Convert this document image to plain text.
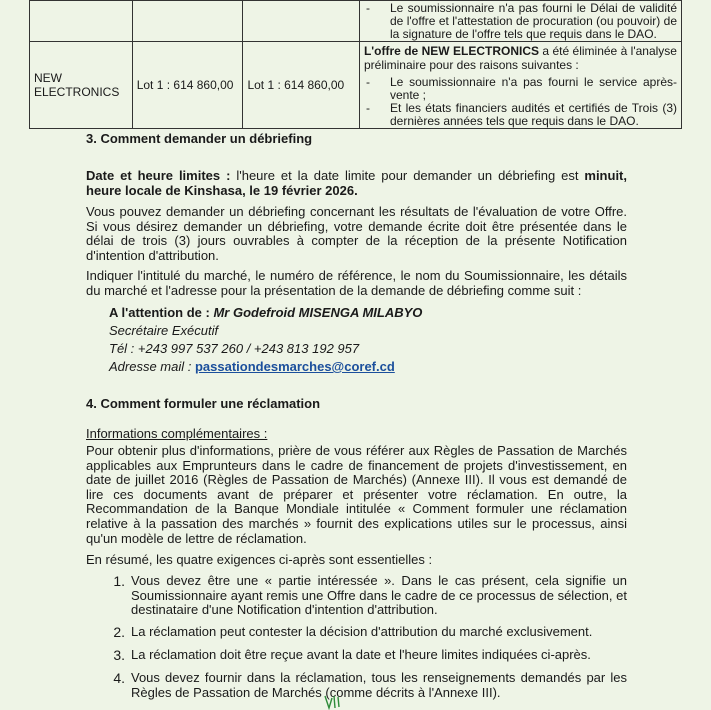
			- Le soumissionnaire n'a pas fourni le Délai de validité de l'offre et l'attestation de procuration (ou pouvoir) de la signature de l'offre tels que requis dans le DAO.

NEW ELECTRONICS	Lot 1 : 614 860,00	Lot 1 : 614 860,00	L'offre de NEW ELECTRONICS a été éliminée à l'analyse préliminaire pour des raisons suivantes :
- Le soumissionnaire n'a pas fourni le service après-vente ;
- Et les états financiers audités et certifiés de Trois (3) dernières années tels que requis dans le DAO.
3. Comment demander un débriefing

Date et heure limites : l'heure et la date limite pour demander un débriefing est minuit, heure locale de Kinshasa, le 19 février 2026.

Vous pouvez demander un débriefing concernant les résultats de l'évaluation de votre Offre. Si vous désirez demander un débriefing, votre demande écrite doit être présentée dans le délai de trois (3) jours ouvrables à compter de la réception de la présente Notification d'intention d'attribution.

Indiquer l'intitulé du marché, le numéro de référence, le nom du Soumissionnaire, les détails du marché et l'adresse pour la présentation de la demande de débriefing comme suit :

A l'attention de : Mr Godefroid MISENGA MILABYO
Secrétaire Exécutif
Tél : +243 997 537 260 / +243 813 192 957
Adresse mail : passationdesmarches@coref.cd
4. Comment formuler une réclamation
Informations complémentaires :

Pour obtenir plus d'informations, prière de vous référer aux Règles de Passation de Marchés applicables aux Emprunteurs dans le cadre de financement de projets d'investissement, en date de juillet 2016 (Règles de Passation de Marchés) (Annexe III). Il vous est demandé de lire ces documents avant de préparer et présenter votre réclamation. En outre, la Recommandation de la Banque Mondiale intitulée « Comment formuler une réclamation relative à la passation des marchés » fournit des explications utiles sur le processus, ainsi qu'un modèle de lettre de réclamation.

En résumé, les quatre exigences ci-après sont essentielles :

1. Vous devez être une « partie intéressée ». Dans le cas présent, cela signifie un Soumissionnaire ayant remis une Offre dans le cadre de ce processus de sélection, et destinataire d'une Notification d'intention d'attribution.
2. La réclamation peut contester la décision d'attribution du marché exclusivement.
3. La réclamation doit être reçue avant la date et l'heure limites indiquées ci-après.
4. Vous devez fournir dans la réclamation, tous les renseignements demandés par les Règles de Passation de Marchés (comme décrits à l'Annexe III).
